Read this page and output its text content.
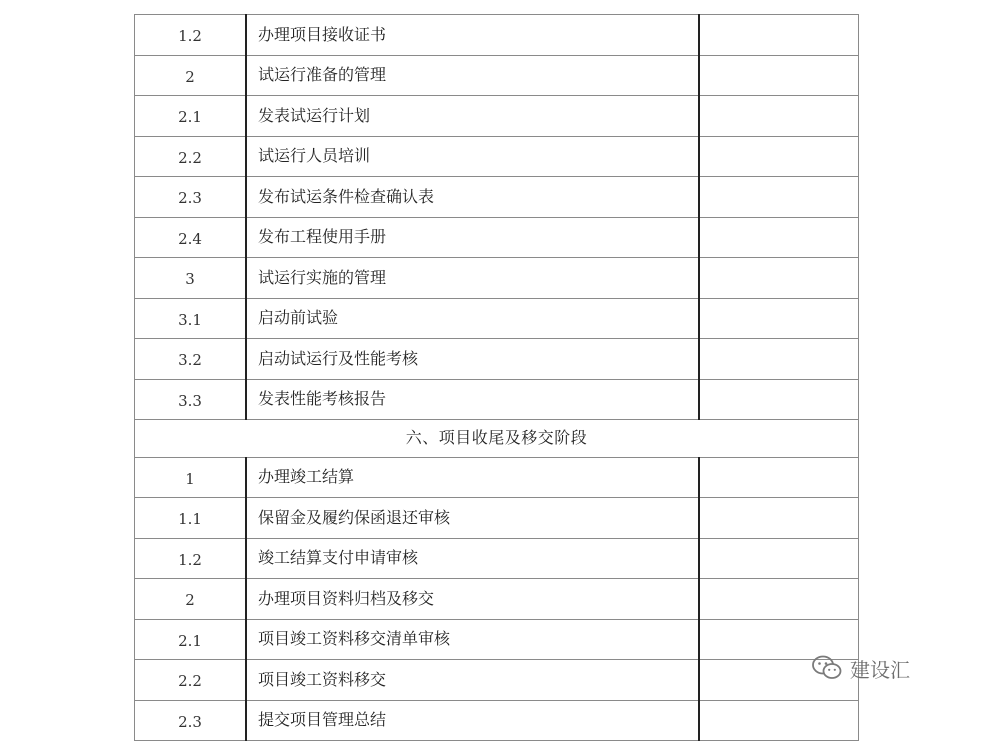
1.2	办理项目接收证书	
2	试运行准备的管理	
2.1	发表试运行计划	
2.2	试运行人员培训	
2.3	发布试运条件检查确认表	
2.4	发布工程使用手册	
3	试运行实施的管理	
3.1	启动前试验	
3.2	启动试运行及性能考核	
3.3	发表性能考核报告	
六、项目收尾及移交阶段		
1	办理竣工结算	
1.1	保留金及履约保函退还审核	
1.2	竣工结算支付申请审核	
2	办理项目资料归档及移交	
2.1	项目竣工资料移交清单审核	
2.2	项目竣工资料移交	
2.3	提交项目管理总结	
建设汇
